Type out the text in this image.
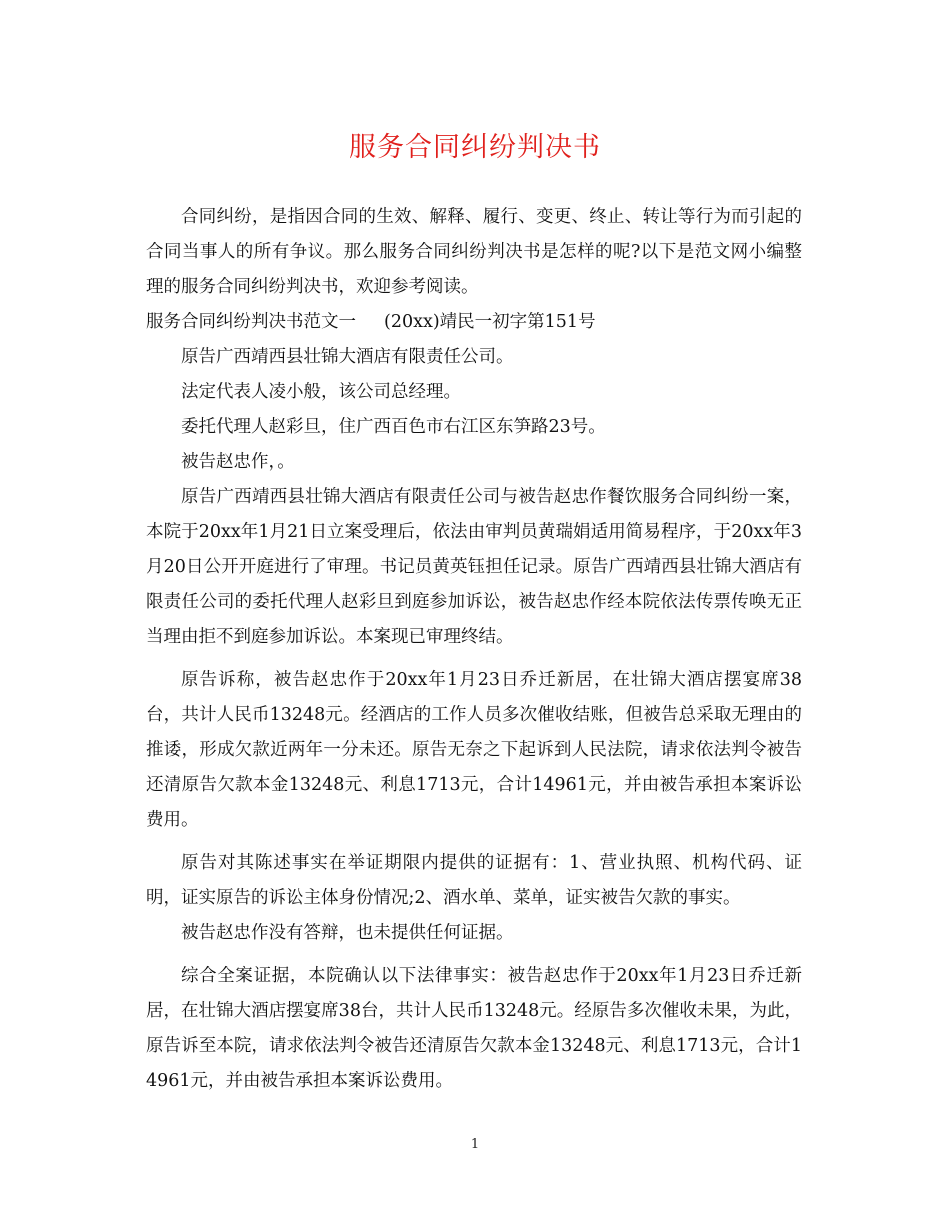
服务合同纠纷判决书

合同纠纷，是指因合同的生效、解释、履行、变更、终止、转让等行为而引起的合同当事人的所有争议。那么服务合同纠纷判决书是怎样的呢?以下是范文网小编整理的服务合同纠纷判决书，欢迎参考阅读。

服务合同纠纷判决书范文一 (20xx)靖民一初字第151号

原告广西靖西县壮锦大酒店有限责任公司。

法定代表人凌小般，该公司总经理。

委托代理人赵彩旦，住广西百色市右江区东笋路23号。

被告赵忠作，。

原告广西靖西县壮锦大酒店有限责任公司与被告赵忠作餐饮服务合同纠纷一案，本院于20xx年1月21日立案受理后，依法由审判员黄瑞娟适用简易程序，于20xx年3月20日公开开庭进行了审理。书记员黄英钰担任记录。原告广西靖西县壮锦大酒店有限责任公司的委托代理人赵彩旦到庭参加诉讼，被告赵忠作经本院依法传票传唤无正当理由拒不到庭参加诉讼。本案现已审理终结。

原告诉称，被告赵忠作于20xx年1月23日乔迁新居，在壮锦大酒店摆宴席38台，共计人民币13248元。经酒店的工作人员多次催收结账，但被告总采取无理由的推诿，形成欠款近两年一分未还。原告无奈之下起诉到人民法院，请求依法判令被告还清原告欠款本金13248元、利息1713元，合计14961元，并由被告承担本案诉讼费用。

原告对其陈述事实在举证期限内提供的证据有：1、营业执照、机构代码、证明，证实原告的诉讼主体身份情况;2、酒水单、菜单，证实被告欠款的事实。

被告赵忠作没有答辩，也未提供任何证据。

综合全案证据，本院确认以下法律事实：被告赵忠作于20xx年1月23日乔迁新居，在壮锦大酒店摆宴席38台，共计人民币13248元。经原告多次催收未果，为此，原告诉至本院，请求依法判令被告还清原告欠款本金13248元、利息1713元，合计14961元，并由被告承担本案诉讼费用。

1
